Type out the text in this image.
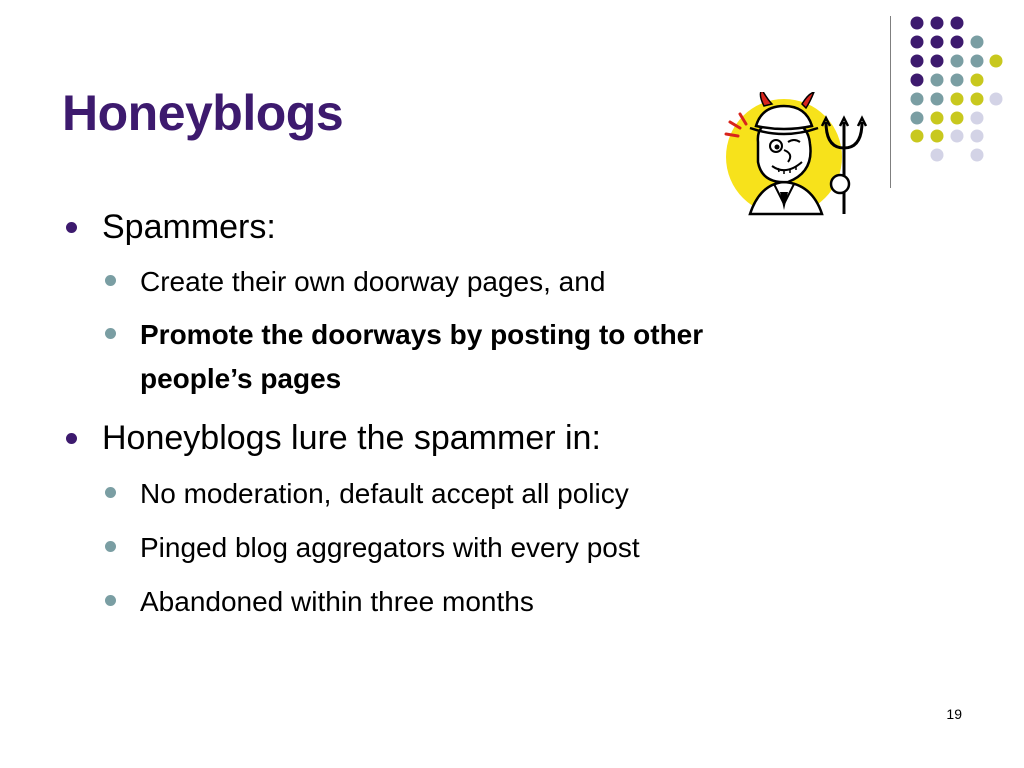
Honeyblogs

Spammers:

Create their own doorway pages, and

Promote the doorways by posting to other

people’s pages

Honeyblogs lure the spammer in:

No moderation, default accept all policy

Pinged blog aggregators with every post

Abandoned within three months

19
